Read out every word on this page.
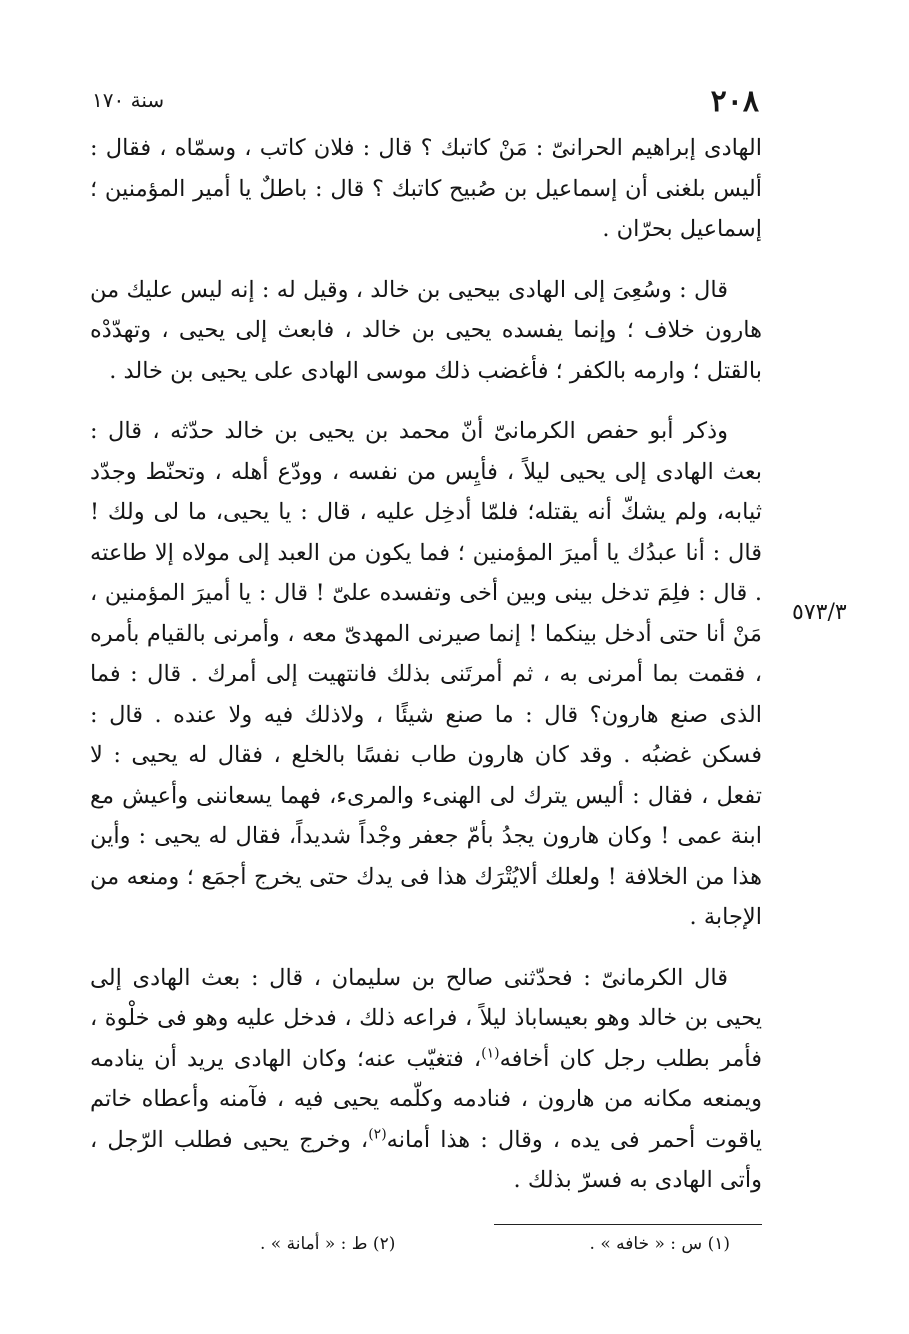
٢٠٨
سنة ١٧٠

الهادى إبراهيم الحرانىّ : مَنْ كاتبك ؟ قال : فلان كاتب ، وسمّاه ، فقال : أليس بلغنى أن إسماعيل بن صُبيح كاتبك ؟ قال : باطلٌ يا أمير المؤمنين ؛ إسماعيل بحرّان .

قال : وسُعِىَ إلى الهادى بيحيى بن خالد ، وقيل له : إنه ليس عليك من هارون خلاف ؛ وإنما يفسده يحيى بن خالد ، فابعث إلى يحيى ، وتهدّدْه بالقتل ؛ وارمه بالكفر ؛ فأغضب ذلك موسى الهادى على يحيى بن خالد .

وذكر أبو حفص الكرمانىّ أنّ محمد بن يحيى بن خالد حدّثه ، قال : بعث الهادى إلى يحيى ليلاً ، فأيِس من نفسه ، وودّع أهله ، وتحنّط وجدّد ثيابه، ولم يشكّ أنه يقتله؛ فلمّا أدخِل عليه ، قال : يا يحيى، ما لى ولك ! قال : أنا عبدُك يا أميرَ المؤمنين ؛ فما يكون من العبد إلى مولاه إلا طاعته . قال : فلِمَ تدخل بينى وبين أخى وتفسده علىّ ! قال : يا أميرَ المؤمنين ، مَنْ أنا حتى أدخل بينكما ! إنما صيرنى المهدىّ معه ، وأمرنى بالقيام بأمره ، فقمت بما أمرنى به ، ثم أمرتَنى بذلك فانتهيت إلى أمرك . قال : فما الذى صنع هارون؟ قال : ما صنع شيئًا ، ولاذلك فيه ولا عنده . قال : فسكن غضبُه . وقد كان هارون طاب نفسًا بالخلع ، فقال له يحيى : لا تفعل ، فقال : أليس يترك لى الهنىء والمرىء، فهما يسعاننى وأعيش مع ابنة عمى ! وكان هارون يجدُ بأمّ جعفر وجْداً شديداً، فقال له يحيى : وأين هذا من الخلافة ! ولعلك ألايُتْرَك هذا فى يدك حتى يخرج أجمَع ؛ ومنعه من الإجابة .

قال الكرمانىّ : فحدّثنى صالح بن سليمان ، قال : بعث الهادى إلى يحيى بن خالد وهو بعيساباذ ليلاً ، فراعه ذلك ، فدخل عليه وهو فى خلْوة ، فأمر بطلب رجل كان أخافه$^{(١)}$، فتغيّب عنه؛ وكان الهادى يريد أن ينادمه ويمنعه مكانه من هارون ، فنادمه وكلّمه يحيى فيه ، فآمنه وأعطاه خاتم ياقوت أحمر فى يده ، وقال : هذا أمانه$^{(٢)}$، وخرج يحيى فطلب الرّجل ، وأتى الهادى به فسرّ بذلك .

٥٧٣/٣
(١) س : « خافه » .
(٢) ط : « أمانة » .
